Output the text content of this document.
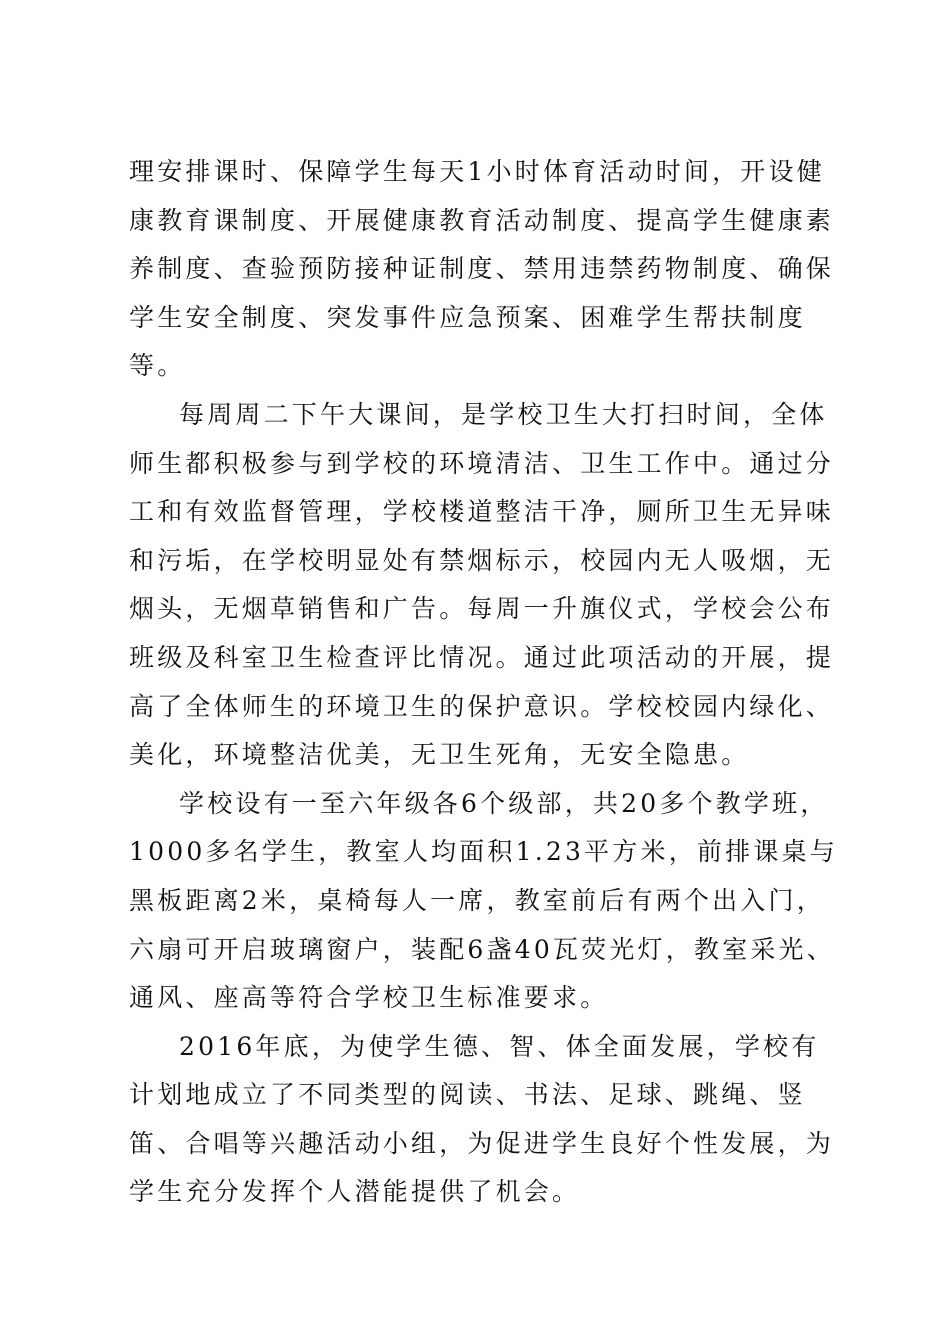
理安排课时、保障学生每天1小时体育活动时间，开设健康教育课制度、开展健康教育活动制度、提高学生健康素养制度、查验预防接种证制度、禁用违禁药物制度、确保学生安全制度、突发事件应急预案、困难学生帮扶制度等。

每周周二下午大课间，是学校卫生大打扫时间，全体师生都积极参与到学校的环境清洁、卫生工作中。通过分工和有效监督管理，学校楼道整洁干净，厕所卫生无异味和污垢，在学校明显处有禁烟标示，校园内无人吸烟，无烟头，无烟草销售和广告。每周一升旗仪式，学校会公布班级及科室卫生检查评比情况。通过此项活动的开展，提高了全体师生的环境卫生的保护意识。学校校园内绿化、美化，环境整洁优美，无卫生死角，无安全隐患。

学校设有一至六年级各6个级部，共20多个教学班，1000多名学生，教室人均面积1.23平方米，前排课桌与黑板距离2米，桌椅每人一席，教室前后有两个出入门，六扇可开启玻璃窗户，装配6盏40瓦荧光灯，教室采光、通风、座高等符合学校卫生标准要求。

2016年底，为使学生德、智、体全面发展，学校有计划地成立了不同类型的阅读、书法、足球、跳绳、竖笛、合唱等兴趣活动小组，为促进学生良好个性发展，为学生充分发挥个人潜能提供了机会。
